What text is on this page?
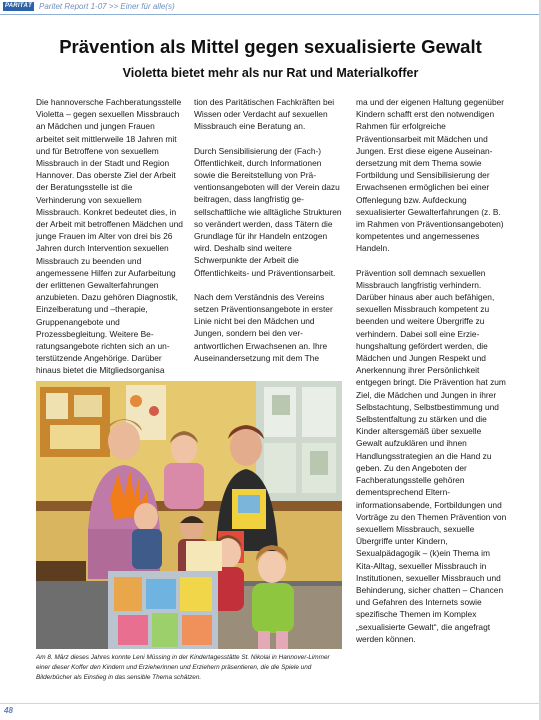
PARITÄT Paritet Report 1-07 >> Einer für alle(s)
Prävention als Mittel gegen sexualisierte Gewalt
Violetta bietet mehr als nur Rat und Materialkoffer

Die hannoversche Fachberatungsstelle Violetta – gegen sexuellen Missbrauch an Mädchen und jungen Frauen arbeitet seit mittlerweile 18 Jahren mit und für Betroffene von sexuellem Missbrauch in der Stadt und Region Hannover. Das oberste Ziel der Arbeit der Beratungsstelle ist die Verhinderung von sexuellem Missbrauch. Konkret bedeutet dies, in der Arbeit mit betroffenen Mädchen und junge Frauen im Alter von drei bis 26 Jahren durch Intervention sexuellen Missbrauch zu beenden und angemessene Hilfen zur Aufarbeitung der erlittenen Gewalterfahrungen anzubieten. Dazu gehören Diagnostik, Einzelberatung und –therapie, Gruppenangebote und Prozessbegleitung. Weitere Beratungsangebote richten sich an unterstützende Angehörige. Darüber hinaus bietet die Mitgliedsorganisa

tion des Paritätischen Fachkräften bei Wissen oder Verdacht auf sexuellen Missbrauch eine Beratung an.

Durch Sensibilisierung der (Fach-) Öffentlichkeit, durch Informationen sowie die Bereitstellung von Präventionsangeboten will der Verein dazu beitragen, dass langfristig gesellschaftliche wie alltägliche Strukturen so verändert werden, dass Tätern die Grundlage für ihr Handeln entzogen wird. Deshalb sind weitere Schwerpunkte der Arbeit die Öffentlichkeits- und Präventionsarbeit.

Nach dem Verständnis des Vereins setzen Präventionsangebote in erster Linie nicht bei den Mädchen und Jungen, sondern bei den verantwortlichen Erwachsenen an. Ihre Auseinandersetzung mit dem The

ma und der eigenen Haltung gegenüber Kindern schafft erst den notwendigen Rahmen für erfolgreiche Präventionsarbeit mit Mädchen und Jungen. Erst diese eigene Auseinandersetzung mit dem Thema sowie Fortbildung und Sensibilisierung der Erwachsenen ermöglichen bei einer Offenlegung bzw. Aufdeckung sexualisierter Gewalterfahrungen (z. B. im Rahmen von Präventionsangeboten) kompetentes und angemessenes Handeln.

Prävention soll demnach sexuellen Missbrauch langfristig verhindern. Darüber hinaus aber auch befähigen, sexuellen Missbrauch kompetent zu beenden und weitere Übergriffe zu verhindern. Dabei soll eine Erziehungshaltung gefördert werden, die Mädchen und Jungen Respekt und Anerkennung ihrer Persönlichkeit entgegen bringt. Die Prävention hat zum Ziel, die Mädchen und Jungen in ihrer Selbstachtung, Selbstbestimmung und Selbstentfaltung zu stärken und die Kinder altersgemäß über sexuelle Gewalt aufzuklären und ihnen Handlungsstrategien an die Hand zu geben. Zu den Angeboten der Fachberatungsstelle gehören dementsprechend Elterninformationsabende, Fortbildungen und Vorträge zu den Themen Prävention von sexuellem Missbrauch, sexuelle Übergriffe unter Kindern, Sexualpädagogik – (k)ein Thema im Kita-Alltag, sexueller Missbrauch in Institutionen, sexueller Missbrauch und Behinderung, sicher chatten – Chancen und Gefahren des Internets sowie spezifische Themen im Komplex „sexualisierte Gewalt“, die angefragt werden können.

Am 8. März dieses Jahres konnte Leni Müssing in der Kindertagesstätte St. Nikolai in Hannover-Limmer einer dieser Koffer den Kindern und Erzieherinnen und Erziehern präsentieren, die die Spiele und Bilderbücher als Einstieg in das sensible Thema schätzen.
48
